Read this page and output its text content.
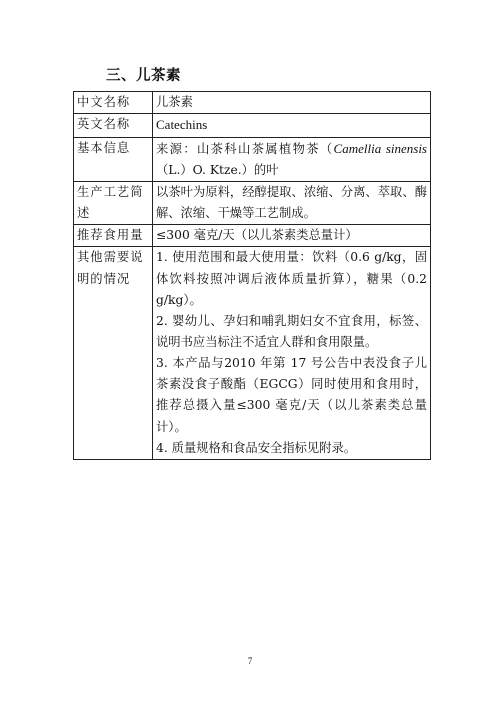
三、儿茶素
中文名称	儿茶素
英文名称	Catechins
基本信息	来源：山茶科山茶属植物茶（Camellia sinensis（L.）O. Ktze.）的叶
生产工艺简述	以茶叶为原料，经醇提取、浓缩、分离、萃取、酶解、浓缩、干燥等工艺制成。
推荐食用量	≤300 毫克/天（以儿茶素类总量计）
其他需要说明的情况	1. 使用范围和最大使用量：饮料（0.6 g/kg，固体饮料按照冲调后液体质量折算），糖果（0.2 g/kg）。
2. 婴幼儿、孕妇和哺乳期妇女不宜食用，标签、说明书应当标注不适宜人群和食用限量。
3. 本产品与2010 年第 17 号公告中表没食子儿茶素没食子酸酯（EGCG）同时使用和食用时，推荐总摄入量≤300 毫克/天（以儿茶素类总量计）。
4. 质量规格和食品安全指标见附录。
7
